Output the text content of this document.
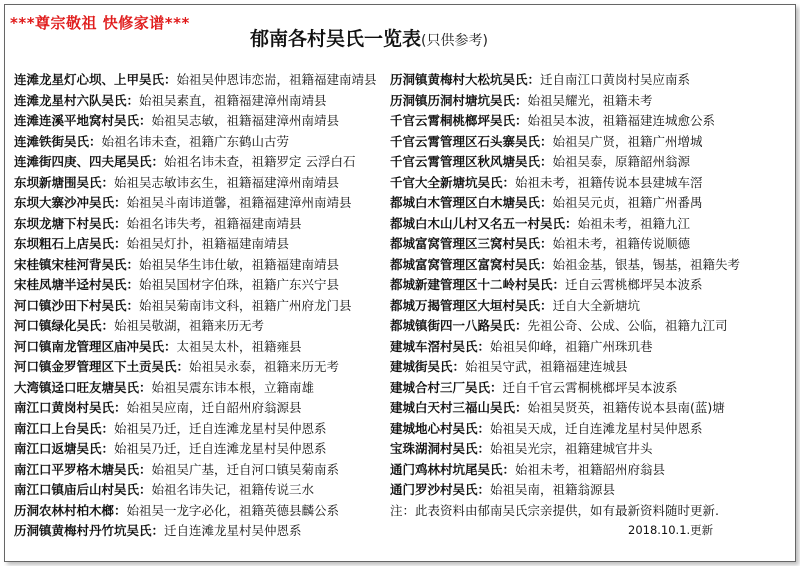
***尊宗敬祖 快修家谱***
郁南各村吴氏一览表(只供参考)
连滩龙星灯心坝、上甲吴氏：始祖吴仲恩讳恋耑，祖籍福建南靖县
连滩龙星村六队吴氏：始祖吴素直，祖籍福建漳州南靖县
连滩连溪平地窝村吴氏：始祖吴志敏，祖籍福建漳州南靖县
连滩铁街吴氏：始祖名讳未查，祖籍广东鹤山古劳
连滩街四庚、四夫尾吴氏：始祖名讳未查，祖籍罗定 云浮白石
东坝新塘围吴氏：始祖吴志敏讳玄生，祖籍福建漳州南靖县
东坝大寨沙冲吴氏：始祖吴斗南讳道馨，祖籍福建漳州南靖县
东坝龙塘下村吴氏：始祖名讳失考，祖籍福建南靖县
东坝粗石上店吴氏：始祖吴灯扑，祖籍福建南靖县
宋桂镇宋桂河背吴氏：始祖吴华生讳仕敏，祖籍福建南靖县
宋桂凤塘半迳村吴氏：始祖吴国材字伯珠，祖籍广东兴宁县
河口镇沙田下村吴氏：始祖吴菊南讳文科，祖籍广州府龙门县
河口镇绿化吴氏：始祖吴敬湖，祖籍来历无考
河口镇南龙管理区庙冲吴氏：太祖吴太朴，祖籍雍县
河口镇金罗管理区下土贡吴氏：始祖吴永泰，祖籍来历无考
大湾镇迳口旺友塘吴氏：始祖吴震东讳本根，立籍南雄
南江口黄岗村吴氏：始祖吴应南，迁自韶州府翁源县
南江口上台吴氏：始祖吴乃迁，迁自连滩龙星村吴仲恩系
南江口返塘吴氏：始祖吴乃迁，迁自连滩龙星村吴仲恩系
南江口平罗格木塘吴氏：始祖吴广基，迁自河口镇吴菊南系
南江口镇庙后山村吴氏：始祖名讳失记，祖籍传说三水
历洞农林村柏木榔：始祖吴一龙字必化，祖籍英德县麟公系
历洞镇黄梅村丹竹坑吴氏：迁自连滩龙星村吴仲恩系
历洞镇黄梅村大松坑吴氏：迁自南江口黄岗村吴应南系
历洞镇历洞村塘坑吴氏：始祖吴耀光，祖籍未考
千官云霄桐桃榔坪吴氏：始祖吴本波，祖籍福建连城愈公系
千官云霄管理区石头寨吴氏：始祖吴广贤，祖籍广州增城
千官云霄管理区秋风塘吴氏：始祖吴泰，原籍韶州翁源
千官大全新塘坑吴氏：始祖未考，祖籍传说本县建城车滘
都城白木管理区白木塘吴氏：始祖吴元贞，祖籍广州番禺
都城白木山儿村又名五一村吴氏：始祖未考，祖籍九江
都城富窝管理区三窝村吴氏：始祖未考，祖籍传说顺德
都城富窝管理区富窝村吴氏：始祖金基，银基，锡基，祖籍失考
都城新建管理区十二岭村吴氏：迁自云霄桃榔坪吴本波系
都城万揭管理区大垣村吴氏：迁自大全新塘坑
都城镇街四一八路吴氏：先祖公奇、公成、公临，祖籍九江司
建城车滘村吴氏：始祖吴仰峰，祖籍广州珠玑巷
建城街吴氏：始祖吴守武，祖籍福建连城县
建城合村三厂吴氏：迁自千官云霄桐桃榔坪吴本波系
建城白天村三福山吴氏：始祖吴贤英，祖籍传说本县南(蓝)塘
建城地心村吴氏：始祖吴天成，迁自连滩龙星村吴仲恩系
宝珠湖洞村吴氏：始祖吴光宗，祖籍建城官井头
通门鸡林村坑尾吴氏：始祖未考，祖籍韶州府翁县
通门罗沙村吴氏：始祖吴南，祖籍翁源县
注：此表资料由郁南吴氏宗亲提供，如有最新资料随时更新.
2018.10.1.更新
